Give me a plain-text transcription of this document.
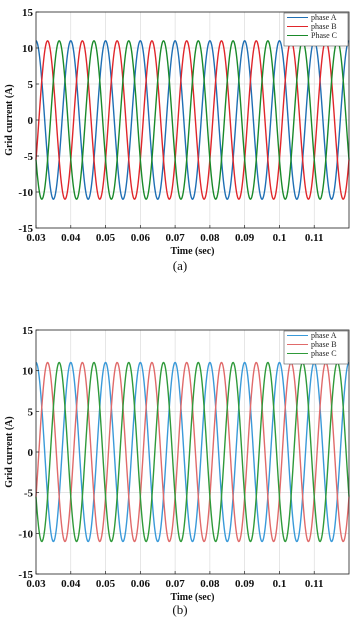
0.03 0.04 0.05 0.06 0.07 0.08 0.09 0.1 0.11
15
10
5
0
-5
-10
-15
Time (sec)
Grid current (A)
phase A
phase B
Phase C
(a)
0.03 0.04 0.05 0.06 0.07 0.08 0.09 0.1 0.11
15
10
5
0
-5
-10
-15
Time (sec)
Grid current (A)
phase A
phase B
phase C
(b)
